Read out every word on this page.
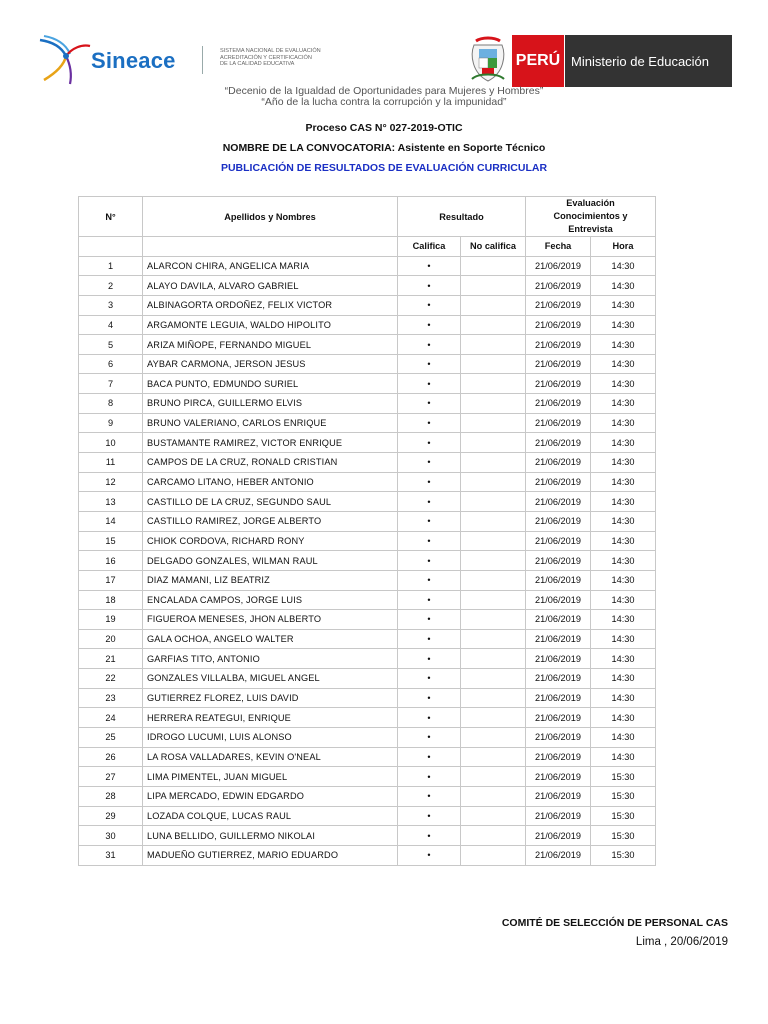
Sineace	SISTEMA NACIONAL DE EVALUACIÓN
ACREDITACIÓN Y CERTIFICACIÓN
DE LA CALIDAD EDUCATIVA	PERÚ Ministerio de Educación
“Decenio de la Igualdad de Oportunidades para Mujeres y Hombres”
“Año de la lucha contra la corrupción y la impunidad”
Proceso CAS N° 027-2019-OTIC
NOMBRE DE LA CONVOCATORIA: Asistente en Soporte Técnico
PUBLICACIÓN DE RESULTADOS DE EVALUACIÓN CURRICULAR
N°	Apellidos y Nombres	Resultado		Evaluación
Conocimientos y
Entrevista	

		Califica	No califica	Fecha	Hora
1	ALARCON CHIRA, ANGELICA MARIA	•		21/06/2019	14:30
2	ALAYO DAVILA, ALVARO GABRIEL	•		21/06/2019	14:30
3	ALBINAGORTA ORDOÑEZ, FELIX VICTOR	•		21/06/2019	14:30
4	ARGAMONTE LEGUIA, WALDO HIPOLITO	•		21/06/2019	14:30
5	ARIZA MIÑOPE, FERNANDO MIGUEL	•		21/06/2019	14:30
6	AYBAR CARMONA, JERSON JESUS	•		21/06/2019	14:30
7	BACA PUNTO, EDMUNDO SURIEL	•		21/06/2019	14:30
8	BRUNO PIRCA, GUILLERMO ELVIS	•		21/06/2019	14:30
9	BRUNO VALERIANO, CARLOS ENRIQUE	•		21/06/2019	14:30
10	BUSTAMANTE RAMIREZ, VICTOR ENRIQUE	•		21/06/2019	14:30
11	CAMPOS DE LA CRUZ, RONALD CRISTIAN	•		21/06/2019	14:30
12	CARCAMO LITANO, HEBER ANTONIO	•		21/06/2019	14:30
13	CASTILLO DE LA CRUZ, SEGUNDO SAUL	•		21/06/2019	14:30
14	CASTILLO RAMIREZ, JORGE ALBERTO	•		21/06/2019	14:30
15	CHIOK CORDOVA, RICHARD RONY	•		21/06/2019	14:30
16	DELGADO GONZALES, WILMAN RAUL	•		21/06/2019	14:30
17	DIAZ MAMANI, LIZ BEATRIZ	•		21/06/2019	14:30
18	ENCALADA CAMPOS, JORGE LUIS	•		21/06/2019	14:30
19	FIGUEROA MENESES, JHON ALBERTO	•		21/06/2019	14:30
20	GALA OCHOA, ANGELO WALTER	•		21/06/2019	14:30
21	GARFIAS TITO, ANTONIO	•		21/06/2019	14:30
22	GONZALES VILLALBA, MIGUEL ANGEL	•		21/06/2019	14:30
23	GUTIERREZ FLOREZ, LUIS DAVID	•		21/06/2019	14:30
24	HERRERA REATEGUI, ENRIQUE	•		21/06/2019	14:30
25	IDROGO LUCUMI, LUIS ALONSO	•		21/06/2019	14:30
26	LA ROSA VALLADARES, KEVIN O'NEAL	•		21/06/2019	14:30
27	LIMA PIMENTEL, JUAN MIGUEL	•		21/06/2019	15:30
28	LIPA MERCADO, EDWIN EDGARDO	•		21/06/2019	15:30
29	LOZADA COLQUE, LUCAS RAUL	•		21/06/2019	15:30
30	LUNA BELLIDO, GUILLERMO NIKOLAI	•		21/06/2019	15:30
31	MADUEÑO GUTIERREZ, MARIO EDUARDO	•		21/06/2019	15:30
COMITÉ DE SELECCIÓN DE PERSONAL CAS
Lima , 20/06/2019
